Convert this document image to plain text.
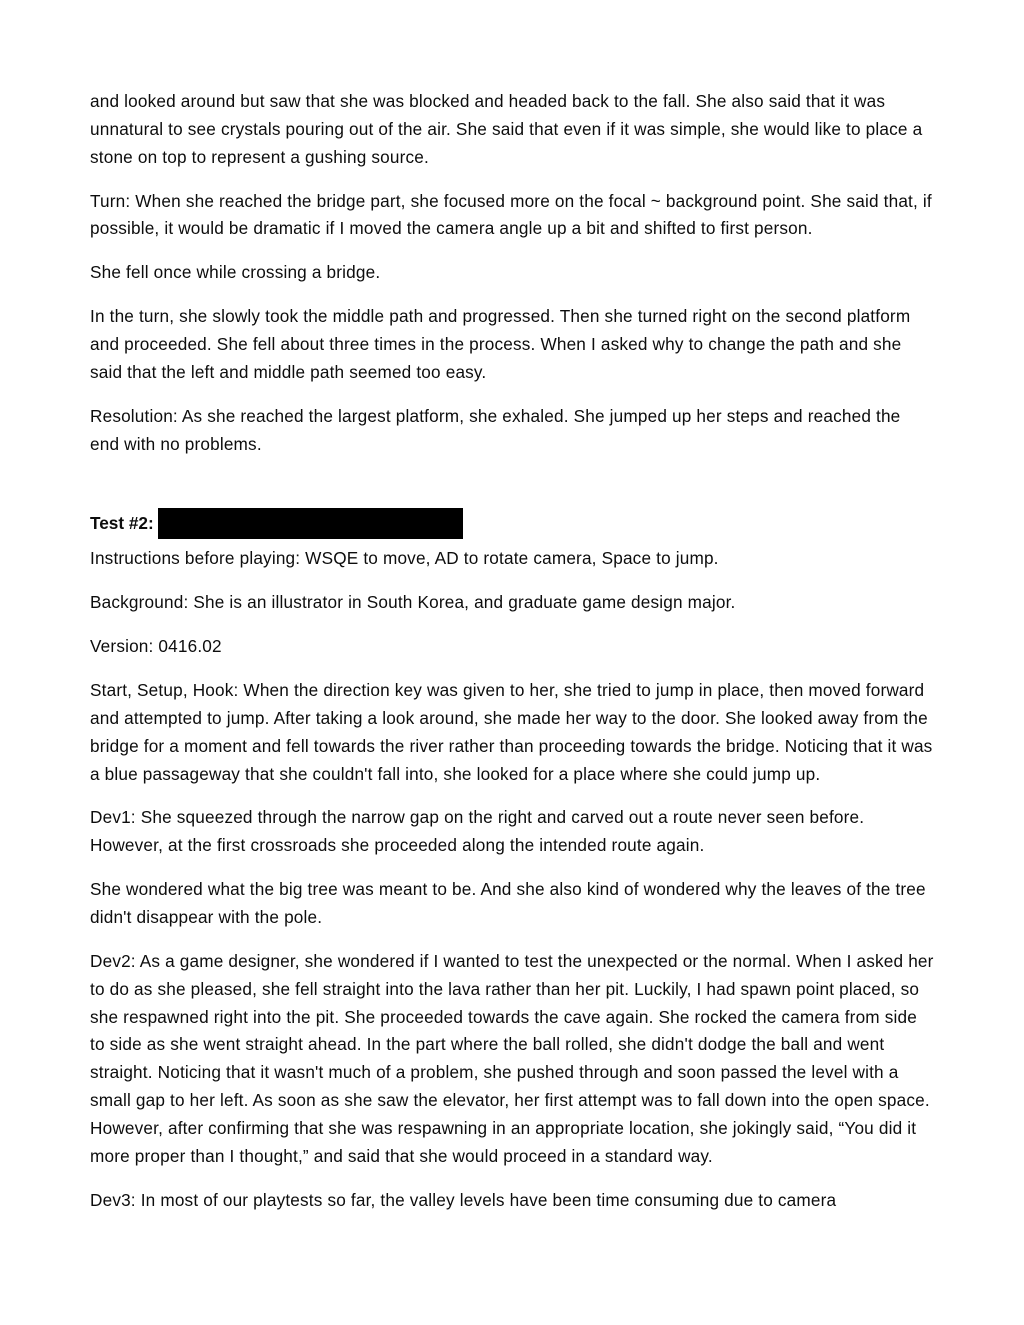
and looked around but saw that she was blocked and headed back to the fall. She also said that it was unnatural to see crystals pouring out of the air. She said that even if it was simple, she would like to place a stone on top to represent a gushing source.

Turn: When she reached the bridge part, she focused more on the focal ~ background point. She said that, if possible, it would be dramatic if I moved the camera angle up a bit and shifted to first person.

She fell once while crossing a bridge.

In the turn, she slowly took the middle path and progressed. Then she turned right on the second platform and proceeded. She fell about three times in the process. When I asked why to change the path and she said that the left and middle path seemed too easy.

Resolution: As she reached the largest platform, she exhaled. She jumped up her steps and reached the end with no problems.

Test #2:

Instructions before playing: WSQE to move, AD to rotate camera, Space to jump.

Background: She is an illustrator in South Korea, and graduate game design major.

Version: 0416.02

Start, Setup, Hook: When the direction key was given to her, she tried to jump in place, then moved forward and attempted to jump. After taking a look around, she made her way to the door. She looked away from the bridge for a moment and fell towards the river rather than proceeding towards the bridge. Noticing that it was a blue passageway that she couldn't fall into, she looked for a place where she could jump up.

Dev1: She squeezed through the narrow gap on the right and carved out a route never seen before. However, at the first crossroads she proceeded along the intended route again.

She wondered what the big tree was meant to be. And she also kind of wondered why the leaves of the tree didn't disappear with the pole.

Dev2: As a game designer, she wondered if I wanted to test the unexpected or the normal. When I asked her to do as she pleased, she fell straight into the lava rather than her pit. Luckily, I had spawn point placed, so she respawned right into the pit. She proceeded towards the cave again. She rocked the camera from side to side as she went straight ahead. In the part where the ball rolled, she didn't dodge the ball and went straight. Noticing that it wasn't much of a problem, she pushed through and soon passed the level with a small gap to her left. As soon as she saw the elevator, her first attempt was to fall down into the open space. However, after confirming that she was respawning in an appropriate location, she jokingly said, “You did it more proper than I thought,” and said that she would proceed in a standard way.

Dev3: In most of our playtests so far, the valley levels have been time consuming due to camera
